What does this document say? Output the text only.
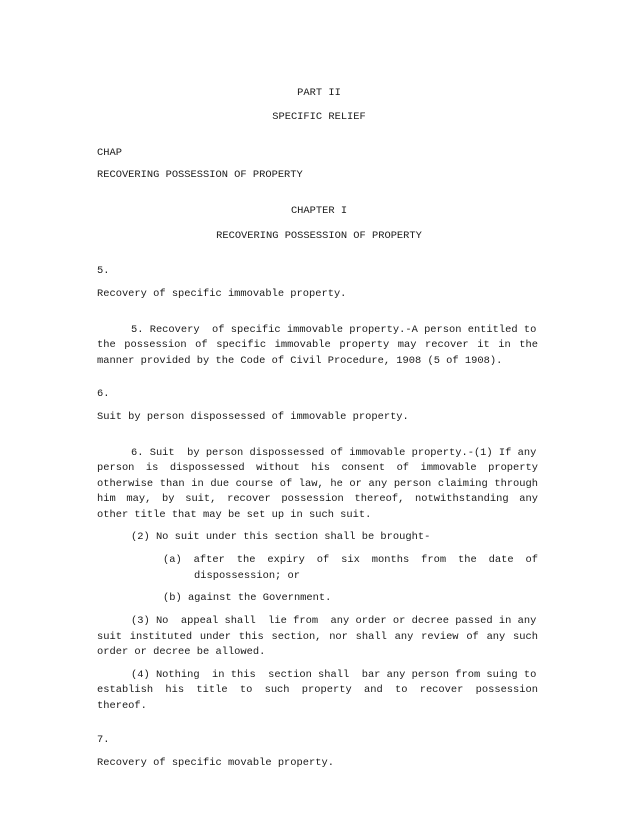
PART II
SPECIFIC RELIEF
CHAP
RECOVERING POSSESSION OF PROPERTY
CHAPTER I
RECOVERING POSSESSION OF PROPERTY
5.
Recovery of specific immovable property.
5. Recovery  of specific immovable property.-A person entitled to
the possession of specific immovable property may recover it in the
manner provided by the Code of Civil Procedure, 1908 (5 of 1908).
6.
Suit by person dispossessed of immovable property.
6. Suit  by person dispossessed of immovable property.-(1) If any
person is dispossessed without his consent of immovable property
otherwise than in due course of law, he or any person claiming through
him may, by suit, recover possession thereof, notwithstanding any
other title that may be set up in such suit.
(2) No suit under this section shall be brought-
(a) after the expiry of six months from the date of
dispossession; or
(b) against the Government.
(3) No  appeal shall  lie from  any order or decree passed in any
suit instituted under this section, nor shall any review of any such
order or decree be allowed.
(4) Nothing  in this  section shall  bar any person from suing to
establish his title to such property and to recover possession
thereof.
7.
Recovery of specific movable property.
